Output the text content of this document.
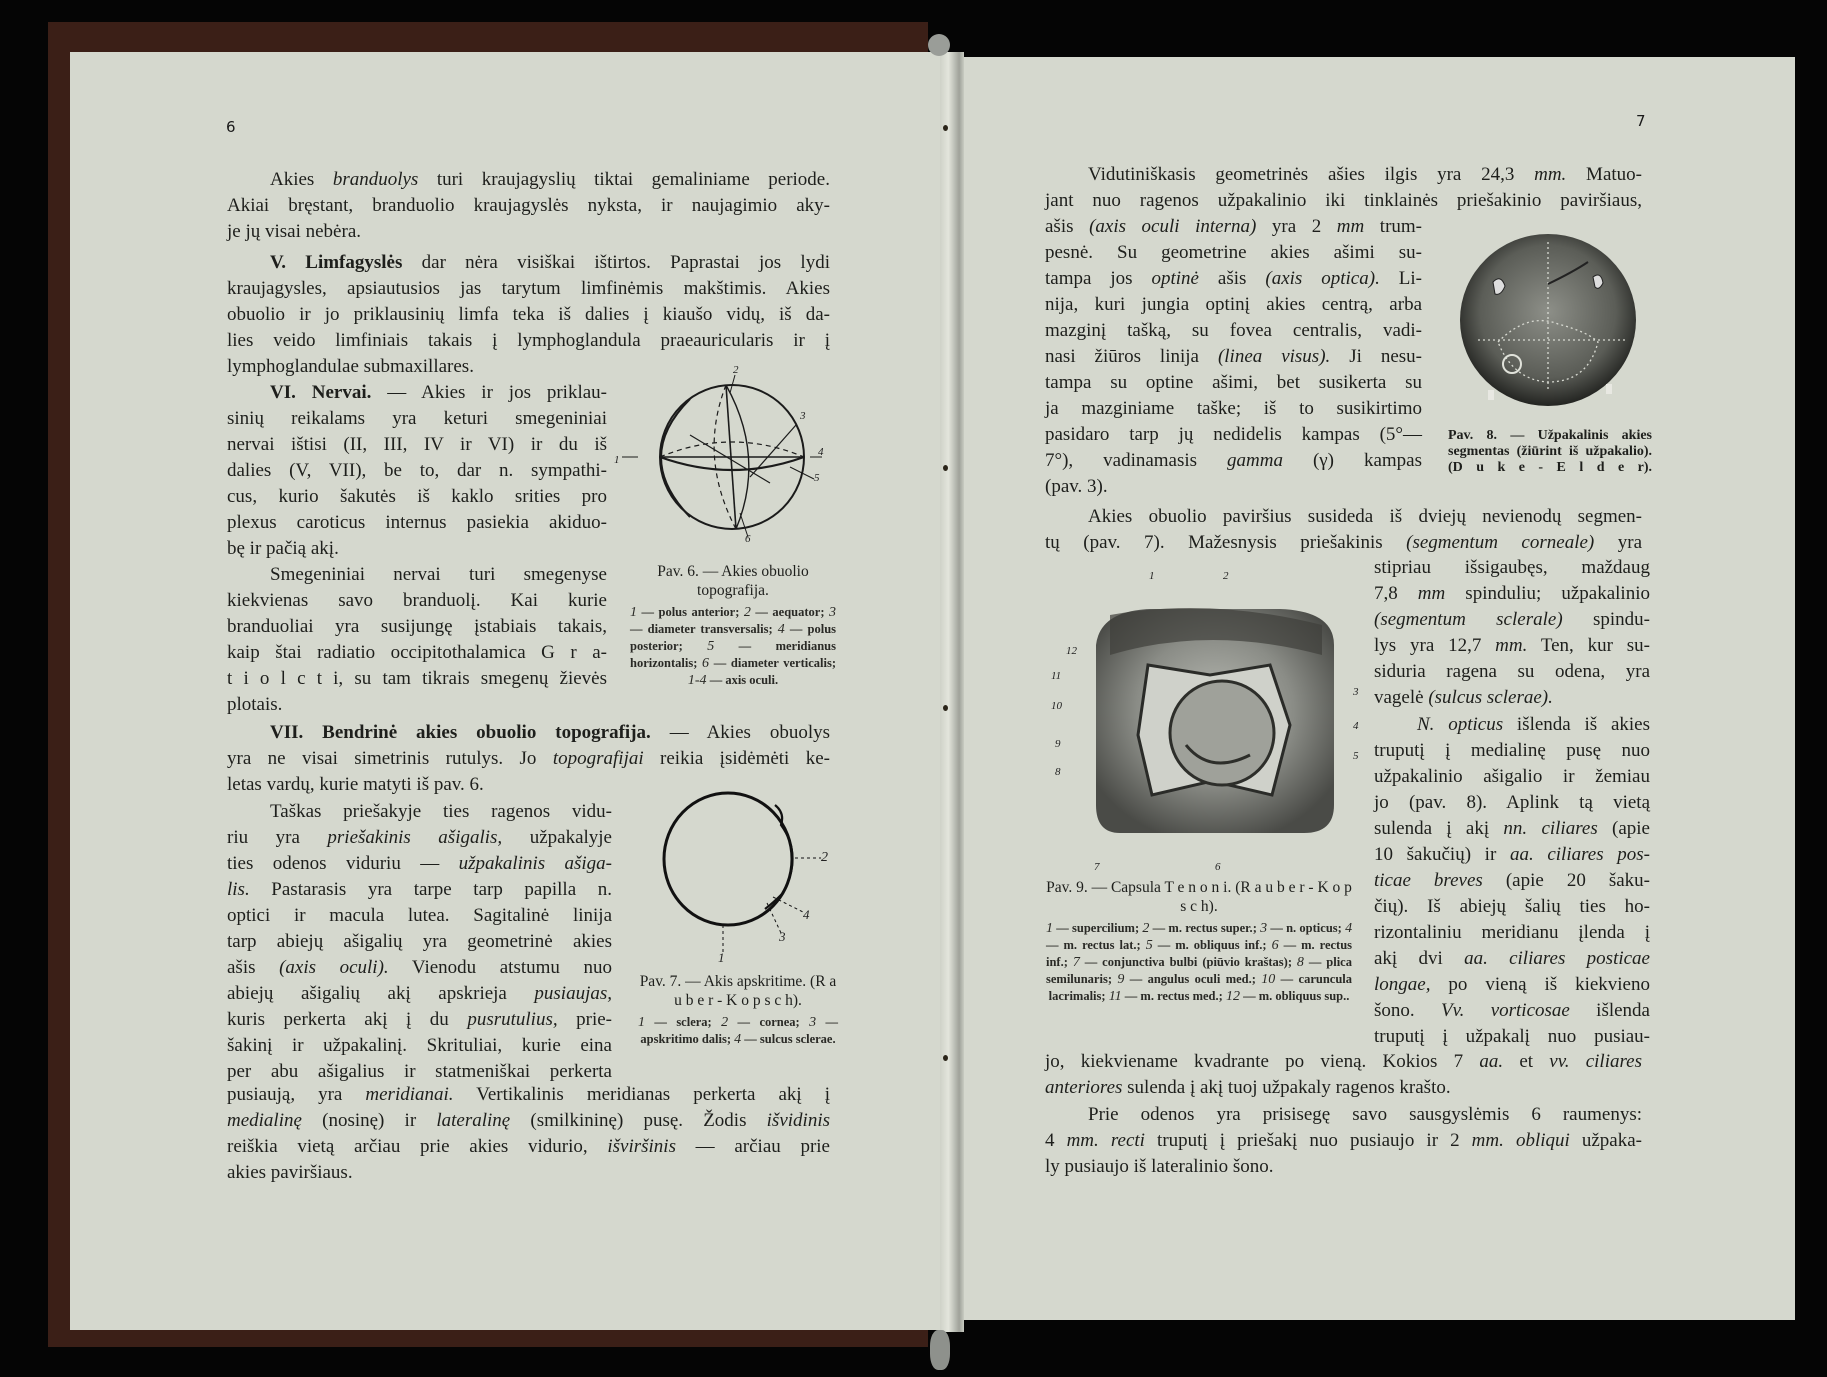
6
Akies branduolys turi kraujagyslių tiktai gemaliniame periode.
Akiai bręstant, branduolio kraujagyslės nyksta, ir naujagimio aky-
je jų visai nebėra.
V. Limfagyslės dar nėra visiškai ištirtos. Paprastai jos lydi
kraujagysles, apsiautusios jas tarytum limfinėmis makštimis. Akies
obuolio ir jo priklausinių limfa teka iš dalies į kiaušo vidų, iš da-
lies veido limfiniais takais į lymphoglandula praeauricularis ir į
lymphoglandulae submaxillares.
VI. Nervai. — Akies ir jos priklau-
sinių reikalams yra keturi smegeniniai
nervai ištisi (II, III, IV ir VI) ir du iš
dalies (V, VII), be to, dar n. sympathi-
cus, kurio šakutės iš kaklo srities pro
plexus caroticus internus pasiekia akiduo-
bę ir pačią akį.
Smegeniniai nervai turi smegenyse
kiekvienas savo branduolį. Kai kurie
branduoliai yra susijungę įstabiais takais,
kaip štai radiatio occipitothalamica G r a-
t i o l c t i, su tam tikrais smegenų žievės
plotais.
VII. Bendrinė akies obuolio topografija. — Akies obuolys
yra ne visai simetrinis rutulys. Jo topografijai reikia įsidėmėti ke-
letas vardų, kurie matyti iš pav. 6.
Taškas priešakyje ties ragenos vidu-
riu yra priešakinis ašigalis, užpakalyje
ties odenos viduriu — užpakalinis ašiga-
lis. Pastarasis yra tarpe tarp papilla n.
optici ir macula lutea. Sagitalinė linija
tarp abiejų ašigalių yra geometrinė akies
ašis (axis oculi). Vienodu atstumu nuo
abiejų ašigalių akį apskrieja pusiaujas,
kuris perkerta akį į du pusrutulius, prie-
šakinį ir užpakalinį. Skrituliai, kurie eina
per abu ašigalius ir statmeniškai perkerta
pusiaują, yra meridianai. Vertikalinis meridianas perkerta akį į
medialinę (nosinę) ir lateralinę (smilkininę) pusę. Žodis išvidinis
reiškia vietą arčiau prie akies vidurio, išviršinis — arčiau prie
akies paviršiaus.
1
2
3
4
5
6
Pav. 6. — Akies obuolio topografija.
1 — polus anterior; 2 — aequator; 3 — diameter transversalis; 4 — polus posterior; 5 — meridianus horizontalis; 6 — diameter verticalis; 1-4 — axis oculi.
1
2
3
4
Pav. 7. — Akis apskritime. (R a u b e r - K o p s c h).
1 — sclera; 2 — cornea; 3 — apskritimo dalis; 4 — sulcus sclerae.
7
Vidutiniškasis geometrinės ašies ilgis yra 24,3 mm. Matuo-
jant nuo ragenos užpakalinio iki tinklainės priešakinio paviršiaus,
ašis (axis oculi interna) yra 2 mm trum-
pesnė. Su geometrine akies ašimi su-
tampa jos optinė ašis (axis optica). Li-
nija, kuri jungia optinį akies centrą, arba
mazginį tašką, su fovea centralis, vadi-
nasi žiūros linija (linea visus). Ji nesu-
tampa su optine ašimi, bet susikerta su
ja mazginiame taške; iš to susikirtimo
pasidaro tarp jų nedidelis kampas (5°—
7°), vadinamasis gamma (γ) kampas
(pav. 3).
Akies obuolio paviršius susideda iš dviejų nevienodų segmen-
tų (pav. 7). Mažesnysis priešakinis (segmentum corneale) yra
stipriau išsigaubęs, maždaug
7,8 mm spinduliu; užpakalinio
(segmentum sclerale) spindu-
lys yra 12,7 mm. Ten, kur su-
siduria ragena su odena, yra
vagelė (sulcus sclerae).
N. opticus išlenda iš akies
truputį į medialinę pusę nuo
užpakalinio ašigalio ir žemiau
jo (pav. 8). Aplink tą vietą
sulenda į akį nn. ciliares (apie
10 šakučių) ir aa. ciliares pos-
ticae breves (apie 20 šaku-
čių). Iš abiejų šalių ties ho-
rizontaliniu meridianu įlenda į
akį dvi aa. ciliares posticae
longae, po vieną iš kiekvieno
šono. Vv. vorticosae išlenda
truputį į užpakalį nuo pusiau-
jo, kiekviename kvadrante po vieną. Kokios 7 aa. et vv. ciliares
anteriores sulenda į akį tuoj užpakaly ragenos krašto.
Prie odenos yra prisisegę savo sausgyslėmis 6 raumenys:
4 mm. recti truputį į priešakį nuo pusiaujo ir 2 mm. obliqui užpaka-
ly pusiaujo iš lateralinio šono.
Pav. 8. — Užpakalinis akies segmentas (žiūrint iš užpakalio). (D u k e - E l d e r).
1	2
3
4
5
6
7
8
9
10
11
12
Pav. 9. — Capsula T e n o n i. (R a u b e r - K o p s c h).
1 — supercilium; 2 — m. rectus super.; 3 — n. opticus; 4 — m. rectus lat.; 5 — m. obliquus inf.; 6 — m. rectus inf.; 7 — conjunctiva bulbi (piūvio kraštas); 8 — plica semilunaris; 9 — angulus oculi med.; 10 — caruncula lacrimalis; 11 — m. rectus med.; 12 — m. obliquus sup..
